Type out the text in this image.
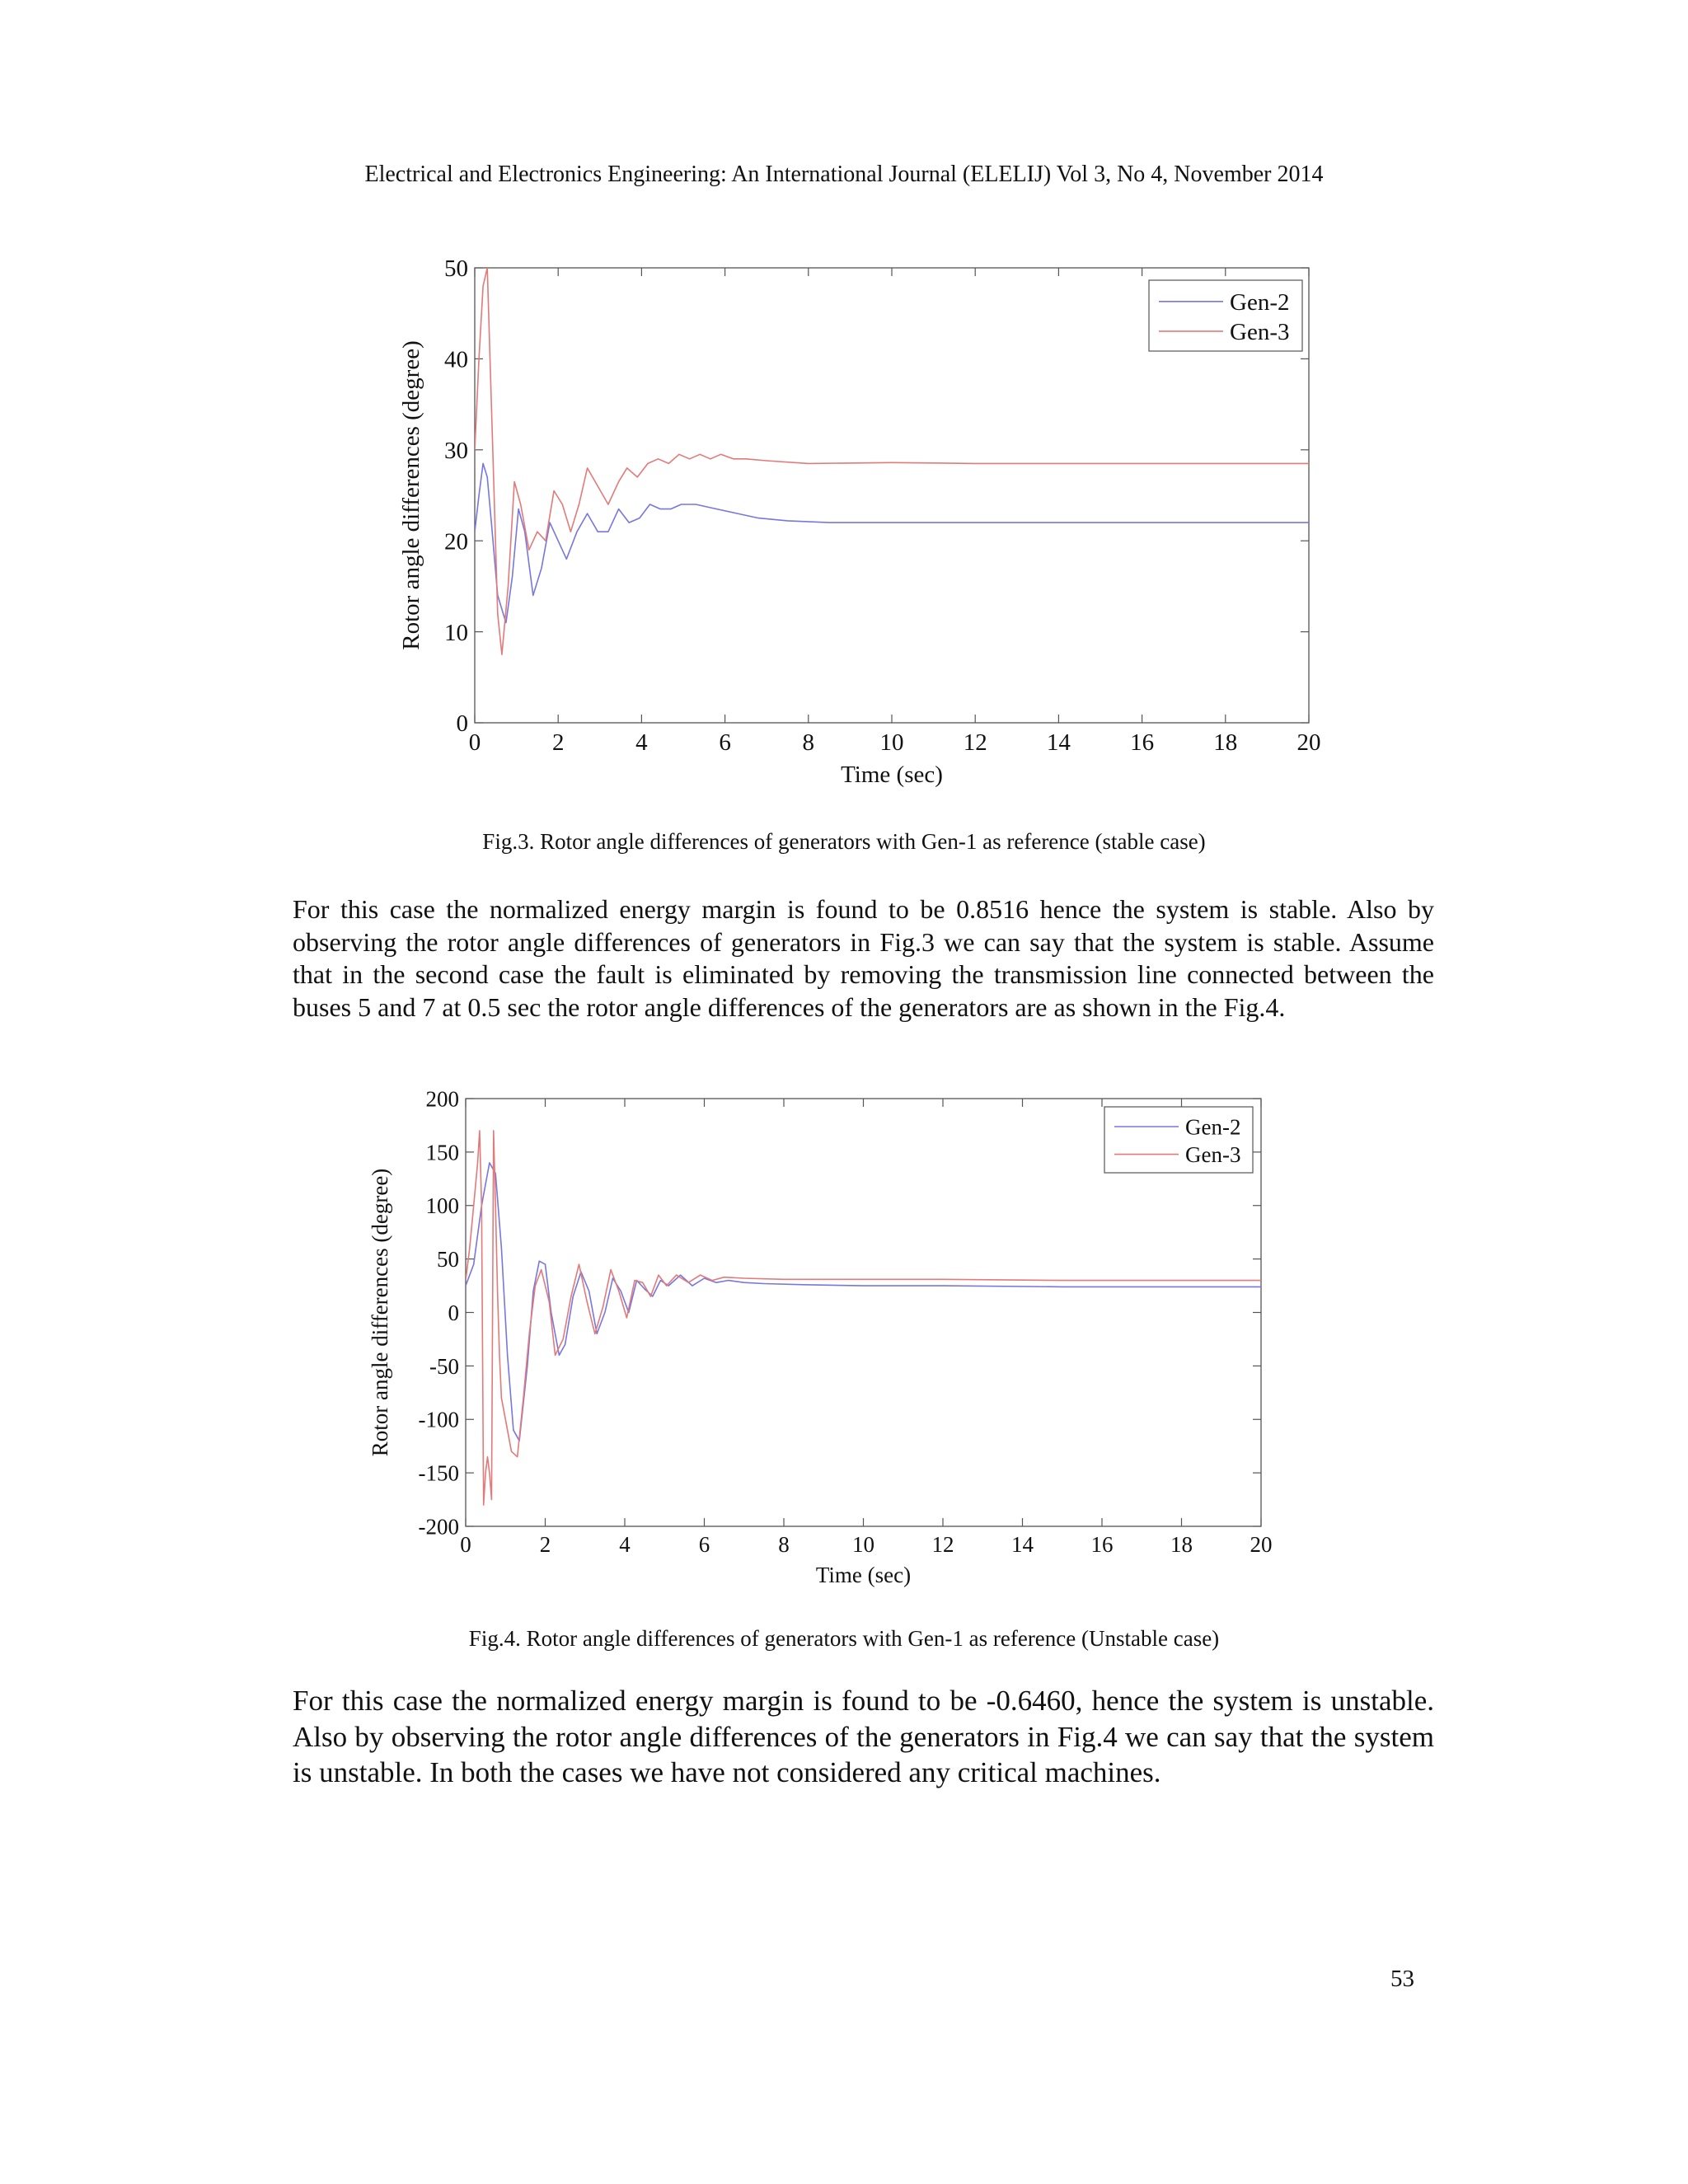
Electrical and Electronics Engineering: An International Journal (ELELIJ) Vol 3, No 4, November 2014
0	2	4	6	8	10 12 14 16 18 20
0
10
20
30
40
50
Time (sec)
Rotor angle differences (degree)
Gen-2
Gen-3
Fig.3. Rotor angle differences of generators with Gen-1 as reference (stable case)

For this case the normalized energy margin is found to be 0.8516 hence the system is stable. Also by observing the rotor angle differences of generators in Fig.3 we can say that the system is stable. Assume that in the second case the fault is eliminated by removing the transmission line connected between the buses 5 and 7 at 0.5 sec the rotor angle differences of the generators are as shown in the Fig.4.

0	2	4	6	8	10	12	14	16	18	20
-200
-150
-100
-50
0
50
100
150
200
Time (sec)
Rotor angle differences (degree)
Gen-2
Gen-3
Fig.4. Rotor angle differences of generators with Gen-1 as reference (Unstable case)

For this case the normalized energy margin is found to be -0.6460, hence the system is unstable. Also by observing the rotor angle differences of the generators in Fig.4 we can say that the system is unstable. In both the cases we have not considered any critical machines.

53
